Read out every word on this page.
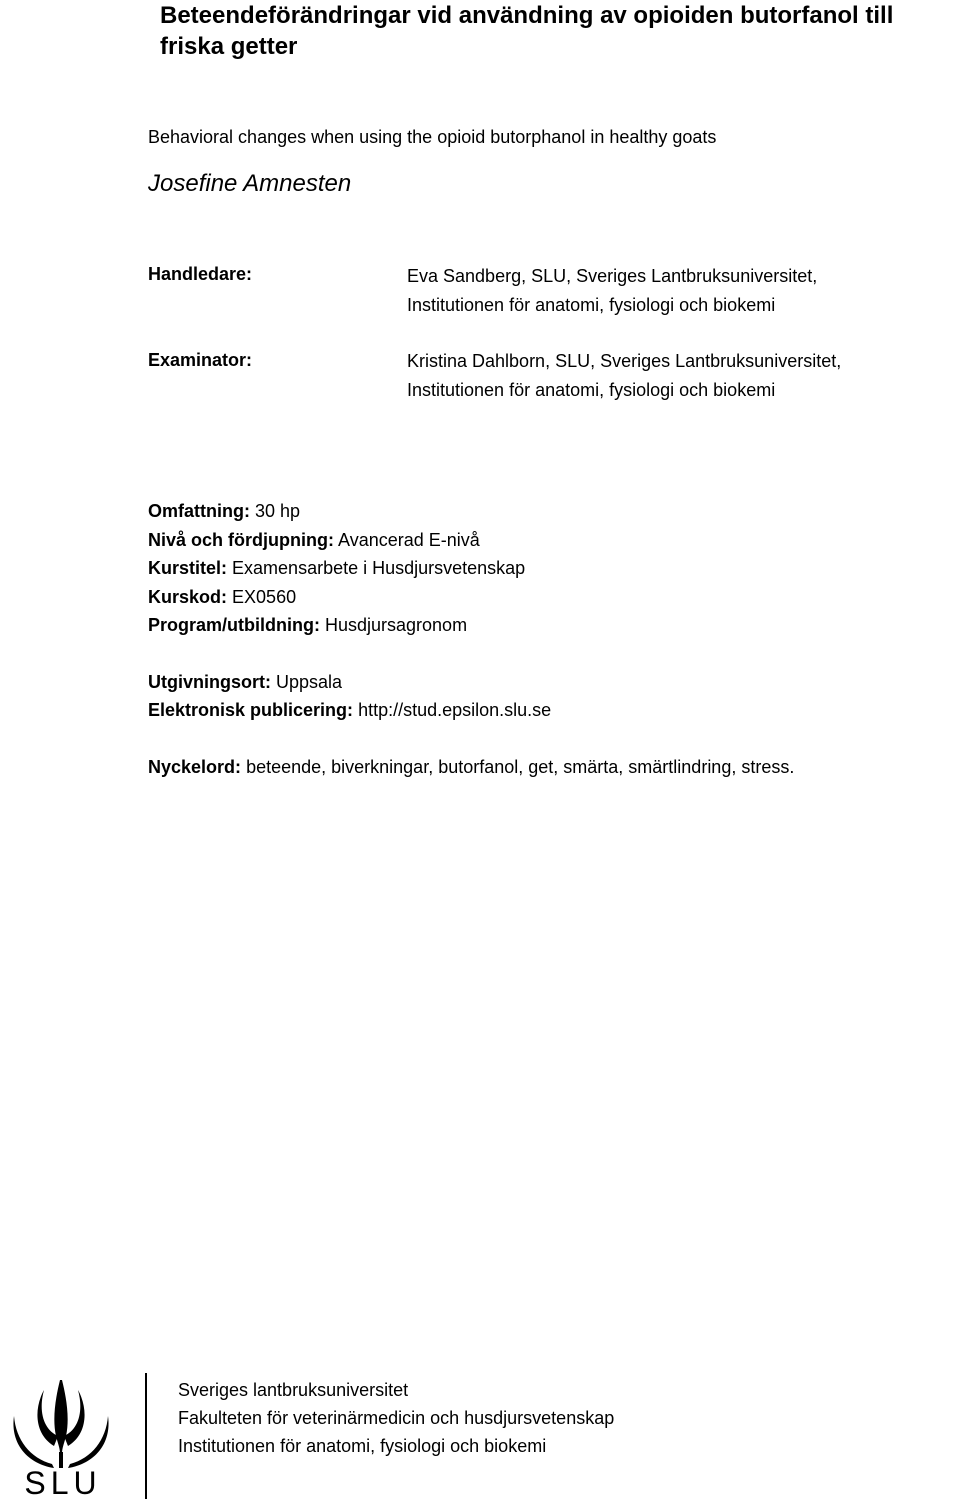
Beteendeförändringar vid användning av opioiden butorfanol till friska getter
Behavioral changes when using the opioid butorphanol in healthy goats
Josefine Amnesten
Handledare:	Eva Sandberg, SLU, Sveriges Lantbruksuniversitet,
Institutionen för anatomi, fysiologi och biokemi
Examinator:	Kristina Dahlborn, SLU, Sveriges Lantbruksuniversitet,
Institutionen för anatomi, fysiologi och biokemi
Omfattning: 30 hp
Nivå och fördjupning: Avancerad E-nivå
Kurstitel: Examensarbete i Husdjursvetenskap
Kurskod: EX0560
Program/utbildning: Husdjursagronom
Utgivningsort: Uppsala
Elektronisk publicering: http://stud.epsilon.slu.se
Nyckelord: beteende, biverkningar, butorfanol, get, smärta, smärtlindring, stress.
SLU
Sveriges lantbruksuniversitet
Fakulteten för veterinärmedicin och husdjursvetenskap
Institutionen för anatomi, fysiologi och biokemi
